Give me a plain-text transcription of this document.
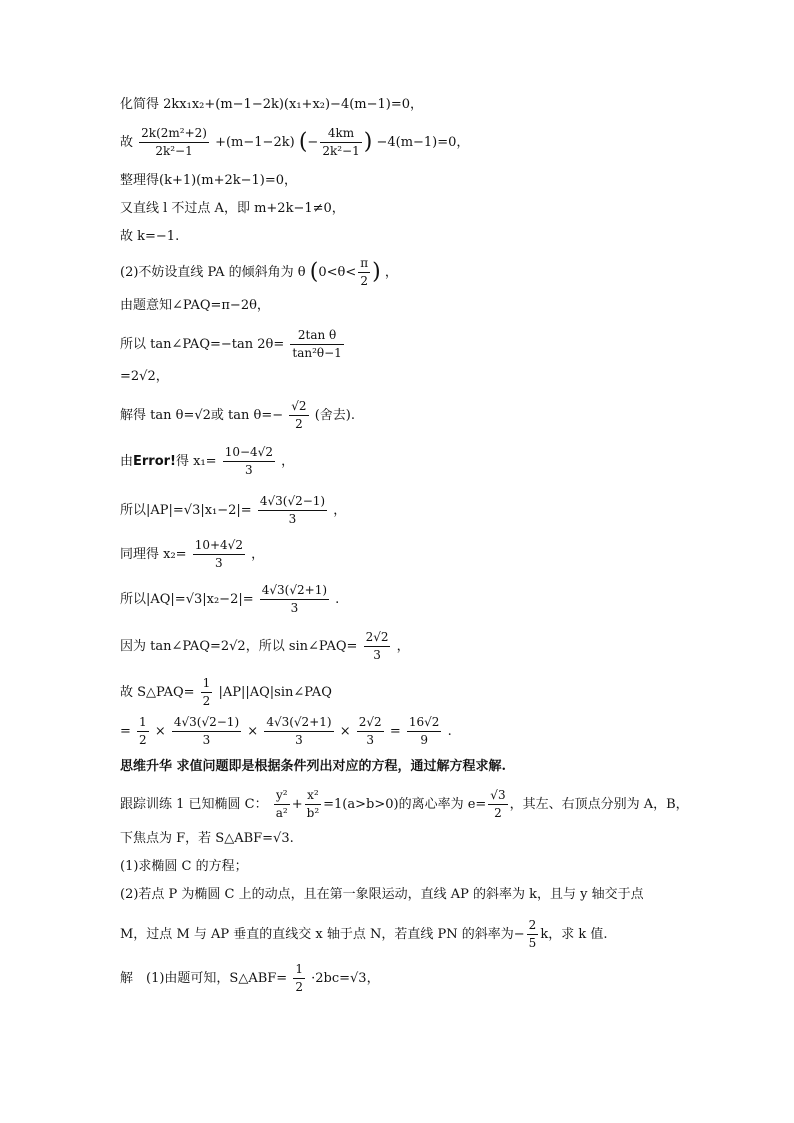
化简得 2kx₁x₂+(m−1−2k)(x₁+x₂)−4(m−1)=0，
故 $\frac{\text{2k(2m²+2)}}{\text{2k²−1}} +(m-1-2k)$ (− $\frac{4km}{\text{2k²−1}}$ ) −4(m−1)=0，
整理得(k+1)(m+2k−1)=0，
又直线 l 不过点 A，即 m+2k−1≠0，
故 k=−1.
(2)不妨设直线 PA 的倾斜角为 θ ($0<\theta< \frac{\pi}{2}$ ) ，
由题意知∠PAQ=π−2θ，
所以 tan∠PAQ=−tan $2\theta= \frac{\text{2tan θ}}{\text{tan²θ−1}}$
=2√2，
解得 tan θ=√2或 $\tan \theta=- \frac{√2}{2}$ (舍去).
由Error!得 $x_1= \frac{10-4√2}{3}$ ，
所以$|AP|=√3|x_1-2|= \frac{4√3(√2-1)}{3}$ ，
同理得 $x_2= \frac{10+4√2}{3}$ ，
所以$|AQ|=√3|x_2-2|= \frac{4√3(√2+1)}{3}$ .
因为 tan∠PAQ=2√2，所以 sin∠PAQ= $\frac{2√2}{3}$ ，
故 S△PAQ= $\frac{1}{2}$ |AP||AQ|sin∠PAQ
= $\frac{1}{2} \times \frac{4√3(√2-1)}{3} \times \frac{4√3(√2+1)}{3} \times \frac{2√2}{3} = \frac{16√2}{9}$ .
思维升华 求值问题即是根据条件列出对应的方程，通过解方程求解.
跟踪训练 1 已知椭圆 C： $\frac{\text{y²}}{\text{a²}} + \frac{\text{x²}}{\text{b²}} =1(a>b>0)$的离心率为 $e= \frac{√3}{2}$ ，其左、右顶点分别为 A，B，
下焦点为 F，若 S△ABF=√3.
(1)求椭圆 C 的方程；
(2)若点 P 为椭圆 C 上的动点，且在第一象限运动，直线 AP 的斜率为 k，且与 y 轴交于点
M，过点 M 与 AP 垂直的直线交 x 轴于点 N，若直线 PN 的斜率为− $\frac{2}{5}$ k，求 k 值.
解　(1)由题可知，S△ABF= $\frac{1}{2} \cdot 2bc=√3$，
